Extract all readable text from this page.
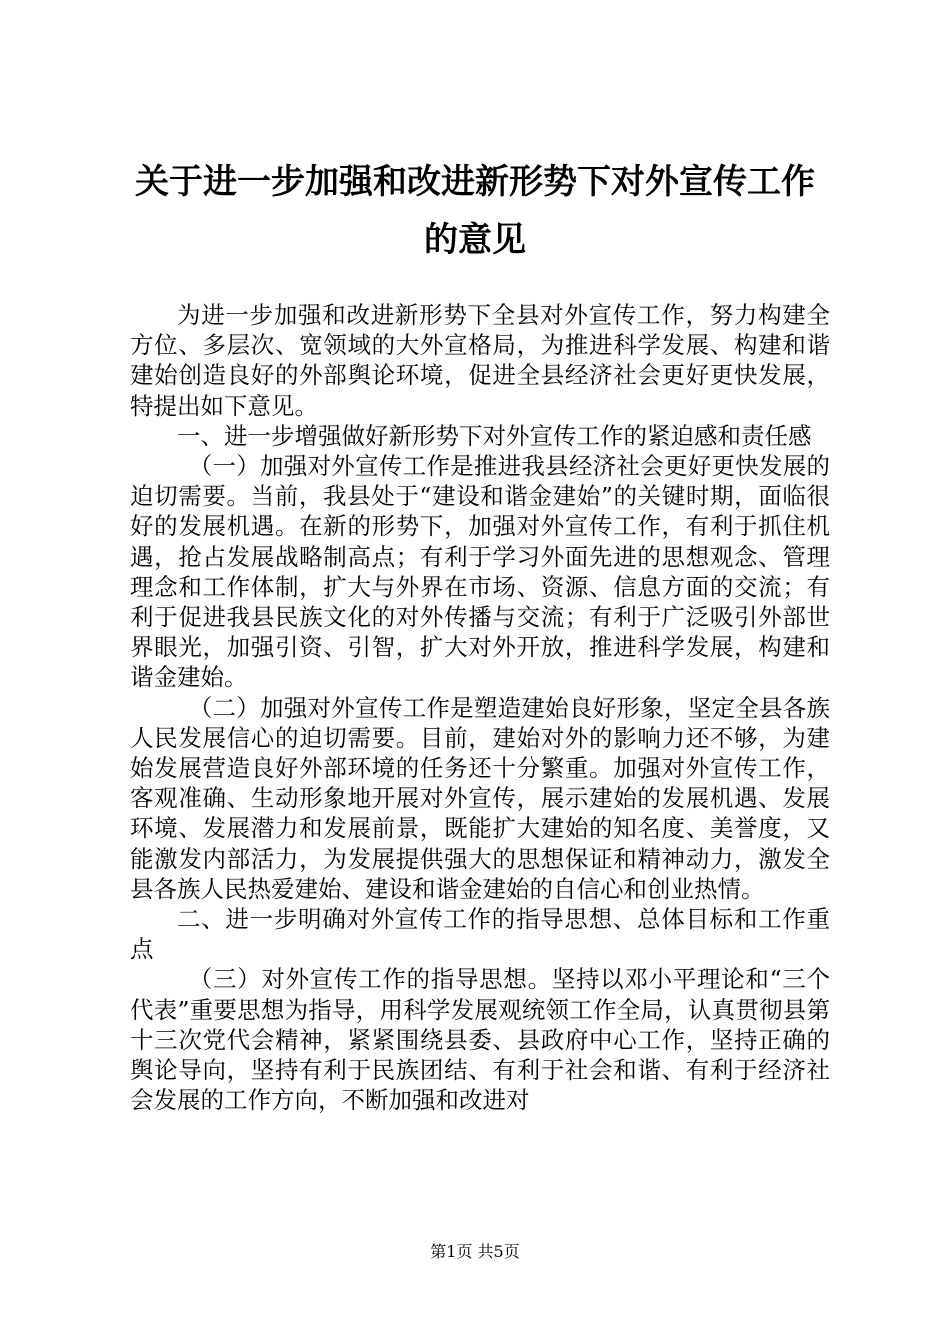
关于进一步加强和改进新形势下对外宣传工作
的意见

为进一步加强和改进新形势下全县对外宣传工作，努力构建全方位、多层次、宽领域的大外宣格局，为推进科学发展、构建和谐建始创造良好的外部舆论环境，促进全县经济社会更好更快发展，特提出如下意见。

一、进一步增强做好新形势下对外宣传工作的紧迫感和责任感

（一）加强对外宣传工作是推进我县经济社会更好更快发展的迫切需要。当前，我县处于“建设和谐金建始”的关键时期，面临很好的发展机遇。在新的形势下，加强对外宣传工作，有利于抓住机遇，抢占发展战略制高点；有利于学习外面先进的思想观念、管理理念和工作体制，扩大与外界在市场、资源、信息方面的交流；有利于促进我县民族文化的对外传播与交流；有利于广泛吸引外部世界眼光，加强引资、引智，扩大对外开放，推进科学发展，构建和谐金建始。

（二）加强对外宣传工作是塑造建始良好形象，坚定全县各族人民发展信心的迫切需要。目前，建始对外的影响力还不够，为建始发展营造良好外部环境的任务还十分繁重。加强对外宣传工作，客观准确、生动形象地开展对外宣传，展示建始的发展机遇、发展环境、发展潜力和发展前景，既能扩大建始的知名度、美誉度，又能激发内部活力，为发展提供强大的思想保证和精神动力，激发全县各族人民热爱建始、建设和谐金建始的自信心和创业热情。

二、进一步明确对外宣传工作的指导思想、总体目标和工作重点

（三）对外宣传工作的指导思想。坚持以邓小平理论和“三个代表”重要思想为指导，用科学发展观统领工作全局，认真贯彻县第十三次党代会精神，紧紧围绕县委、县政府中心工作，坚持正确的舆论导向，坚持有利于民族团结、有利于社会和谐、有利于经济社会发展的工作方向，不断加强和改进对

第1页 共5页
